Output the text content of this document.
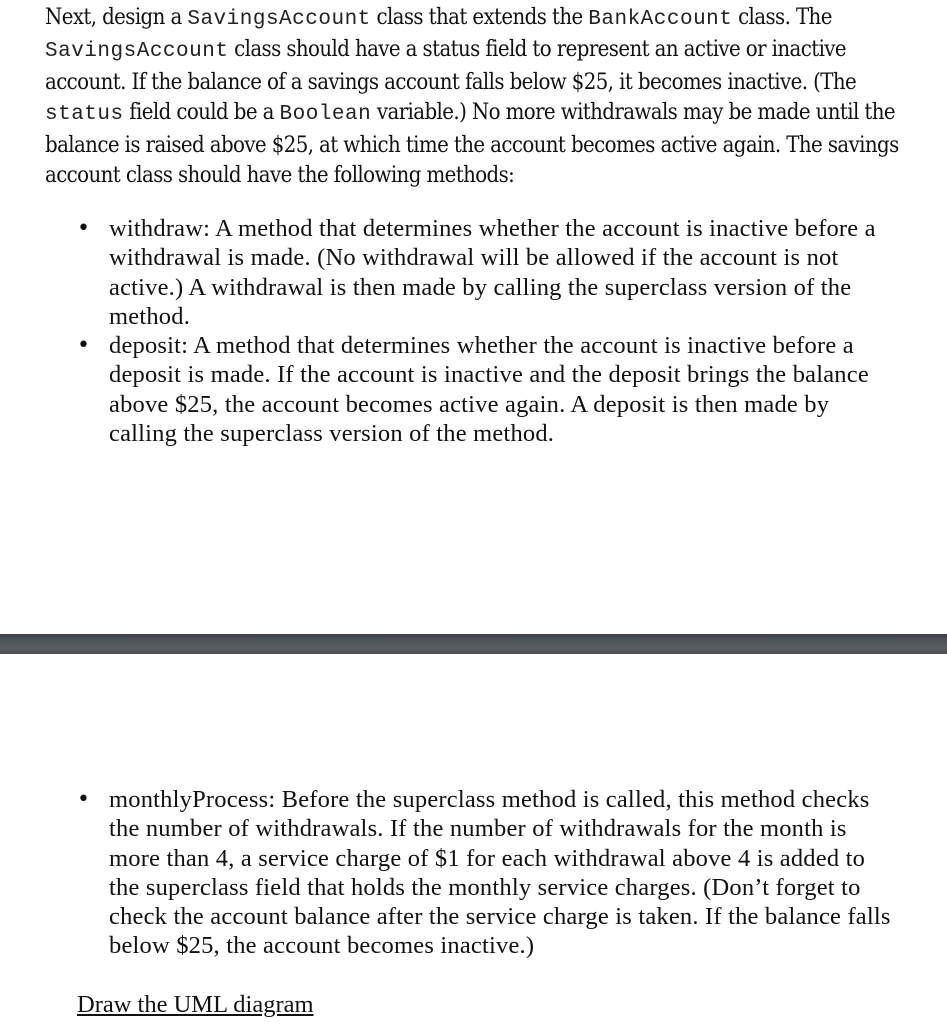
Next, design a SavingsAccount class that extends the BankAccount class. The SavingsAccount class should have a status field to represent an active or inactive account. If the balance of a savings account falls below $25, it becomes inactive. (The status field could be a Boolean variable.) No more withdrawals may be made until the balance is raised above $25, at which time the account becomes active again. The savings account class should have the following methods:

• withdraw: A method that determines whether the account is inactive before a withdrawal is made. (No withdrawal will be allowed if the account is not active.) A withdrawal is then made by calling the superclass version of the method.
• deposit: A method that determines whether the account is inactive before a deposit is made. If the account is inactive and the deposit brings the balance above $25, the account becomes active again. A deposit is then made by calling the superclass version of the method.
• monthlyProcess: Before the superclass method is called, this method checks the number of withdrawals. If the number of withdrawals for the month is more than 4, a service charge of $1 for each withdrawal above 4 is added to the superclass field that holds the monthly service charges. (Don’t forget to check the account balance after the service charge is taken. If the balance falls below $25, the account becomes inactive.)
Draw the UML diagram
